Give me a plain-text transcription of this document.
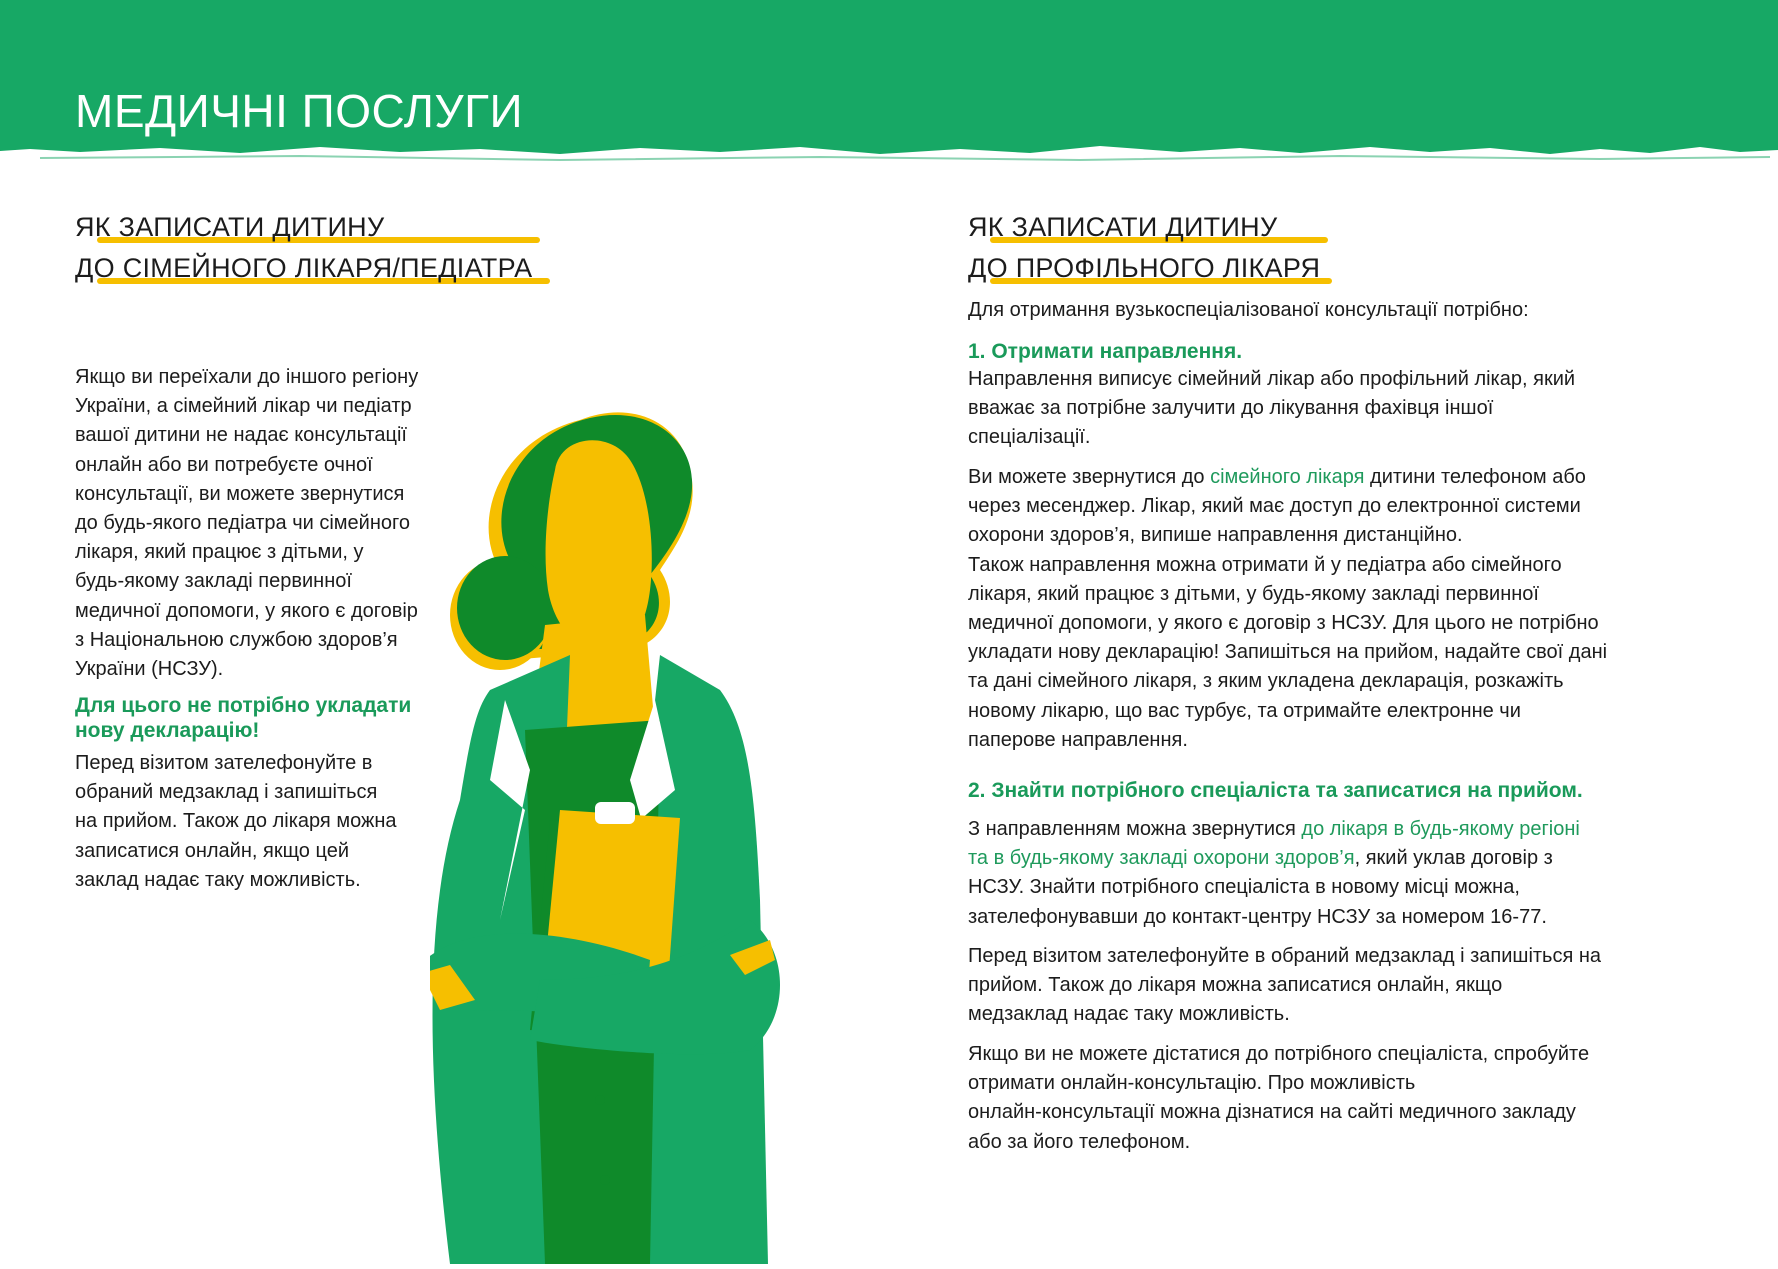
МЕДИЧНІ ПОСЛУГИ
ЯК ЗАПИСАТИ ДИТИНУ
ДО СІМЕЙНОГО ЛІКАРЯ/ПЕДІАТРА

Якщо ви переїхали до іншого регіону

України, а сімейний лікар чи педіатр

вашої дитини не надає консультації

онлайн або ви потребуєте очної

консультації, ви можете звернутися

до будь-якого педіатра чи сімейного

лікаря, який працює з дітьми, у

будь-якому закладі первинної

медичної допомоги, у якого є договір

з Національною службою здоров’я

України (НСЗУ).

Для цього не потрібно укладати

нову декларацію!

Перед візитом зателефонуйте в

обраний медзаклад і запишіться

на прийом. Також до лікаря можна

записатися онлайн, якщо цей

заклад надає таку можливість.

ЯК ЗАПИСАТИ ДИТИНУ
ДО ПРОФІЛЬНОГО ЛІКАРЯ

Для отримання вузькоспеціалізованої консультації потрібно:

1. Отримати направлення.

Направлення виписує сімейний лікар або профільний лікар, який

вважає за потрібне залучити до лікування фахівця іншої

спеціалізації.

Ви можете звернутися до сімейного лікаря дитини телефоном або

через месенджер. Лікар, який має доступ до електронної системи

охорони здоров’я, випише направлення дистанційно.

Також направлення можна отримати й у педіатра або сімейного

лікаря, який працює з дітьми, у будь-якому закладі первинної

медичної допомоги, у якого є договір з НСЗУ. Для цього не потрібно

укладати нову декларацію! Запишіться на прийом, надайте свої дані

та дані сімейного лікаря, з яким укладена декларація, розкажіть

новому лікарю, що вас турбує, та отримайте електронне чи

паперове направлення.

2. Знайти потрібного спеціаліста та записатися на прийом.

З направленням можна звернутися до лікаря в будь-якому регіоні

та в будь-якому закладі охорони здоров’я, який уклав договір з

НСЗУ. Знайти потрібного спеціаліста в новому місці можна,

зателефонувавши до контакт-центру НСЗУ за номером 16-77.

Перед візитом зателефонуйте в обраний медзаклад і запишіться на

прийом. Також до лікаря можна записатися онлайн, якщо

медзаклад надає таку можливість.

Якщо ви не можете дістатися до потрібного спеціаліста, спробуйте

отримати онлайн-консультацію. Про можливість

онлайн-консультації можна дізнатися на сайті медичного закладу

або за його телефоном.
